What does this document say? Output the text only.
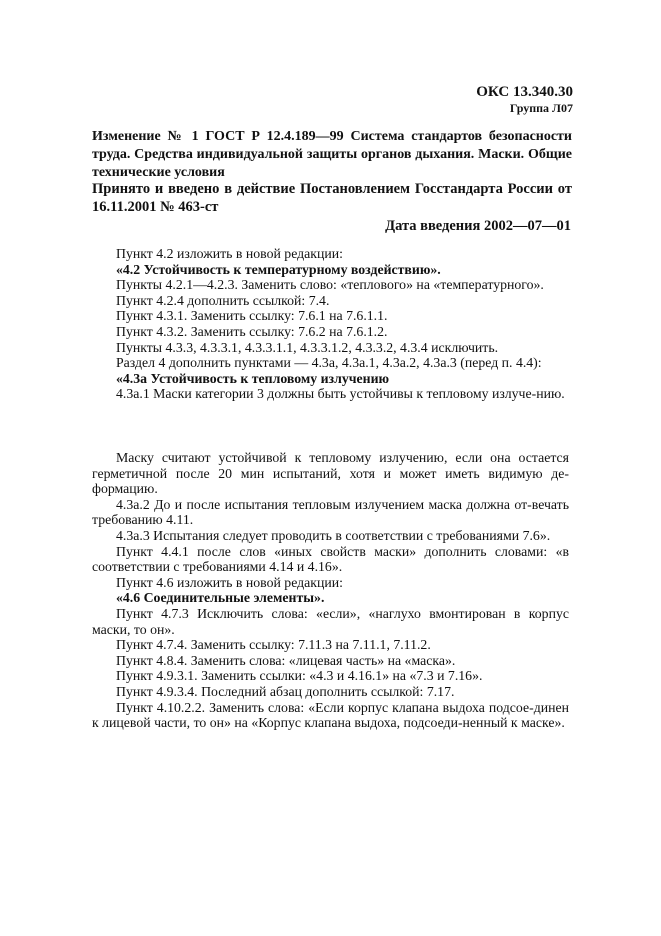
ОКС 13.340.30
Группа Л07

Изменение № 1 ГОСТ Р 12.4.189—99 Система стандартов безопасности труда. Средства индивидуальной защиты органов дыхания. Маски. Общие технические условия

Принято и введено в действие Постановлением Госстандарта России от 16.11.2001 № 463-ст

Дата введения 2002—07—01

Пункт 4.2 изложить в новой редакции:

«4.2 Устойчивость к температурному воздействию».

Пункты 4.2.1—4.2.3. Заменить слово: «теплового» на «температурного».

Пункт 4.2.4 дополнить ссылкой: 7.4.

Пункт 4.3.1. Заменить ссылку: 7.6.1 на 7.6.1.1.

Пункт 4.3.2. Заменить ссылку: 7.6.2 на 7.6.1.2.

Пункты 4.3.3, 4.3.3.1, 4.3.3.1.1, 4.3.3.1.2, 4.3.3.2, 4.3.4 исключить.

Раздел 4 дополнить пунктами — 4.3а, 4.3а.1, 4.3а.2, 4.3а.3 (перед п. 4.4):

«4.3а Устойчивость к тепловому излучению

4.3а.1 Маски категории 3 должны быть устойчивы к тепловому излуче-нию.

Маску считают устойчивой к тепловому излучению, если она остается герметичной после 20 мин испытаний, хотя и может иметь видимую де-формацию.

4.3а.2 До и после испытания тепловым излучением маска должна от-вечать требованию 4.11.

4.3а.3 Испытания следует проводить в соответствии с требованиями 7.6».

Пункт 4.4.1 после слов «иных свойств маски» дополнить словами: «в соответствии с требованиями 4.14 и 4.16».

Пункт 4.6 изложить в новой редакции:

«4.6 Соединительные элементы».

Пункт 4.7.3 Исключить слова: «если», «наглухо вмонтирован в корпус маски, то он».

Пункт 4.7.4. Заменить ссылку: 7.11.3 на 7.11.1, 7.11.2.

Пункт 4.8.4. Заменить слова: «лицевая часть» на «маска».

Пункт 4.9.3.1. Заменить ссылки: «4.3 и 4.16.1» на «7.3 и 7.16».

Пункт 4.9.3.4. Последний абзац дополнить ссылкой: 7.17.

Пункт 4.10.2.2. Заменить слова: «Если корпус клапана выдоха подсое-динен к лицевой части, то он» на «Корпус клапана выдоха, подсоеди-ненный к маске».
